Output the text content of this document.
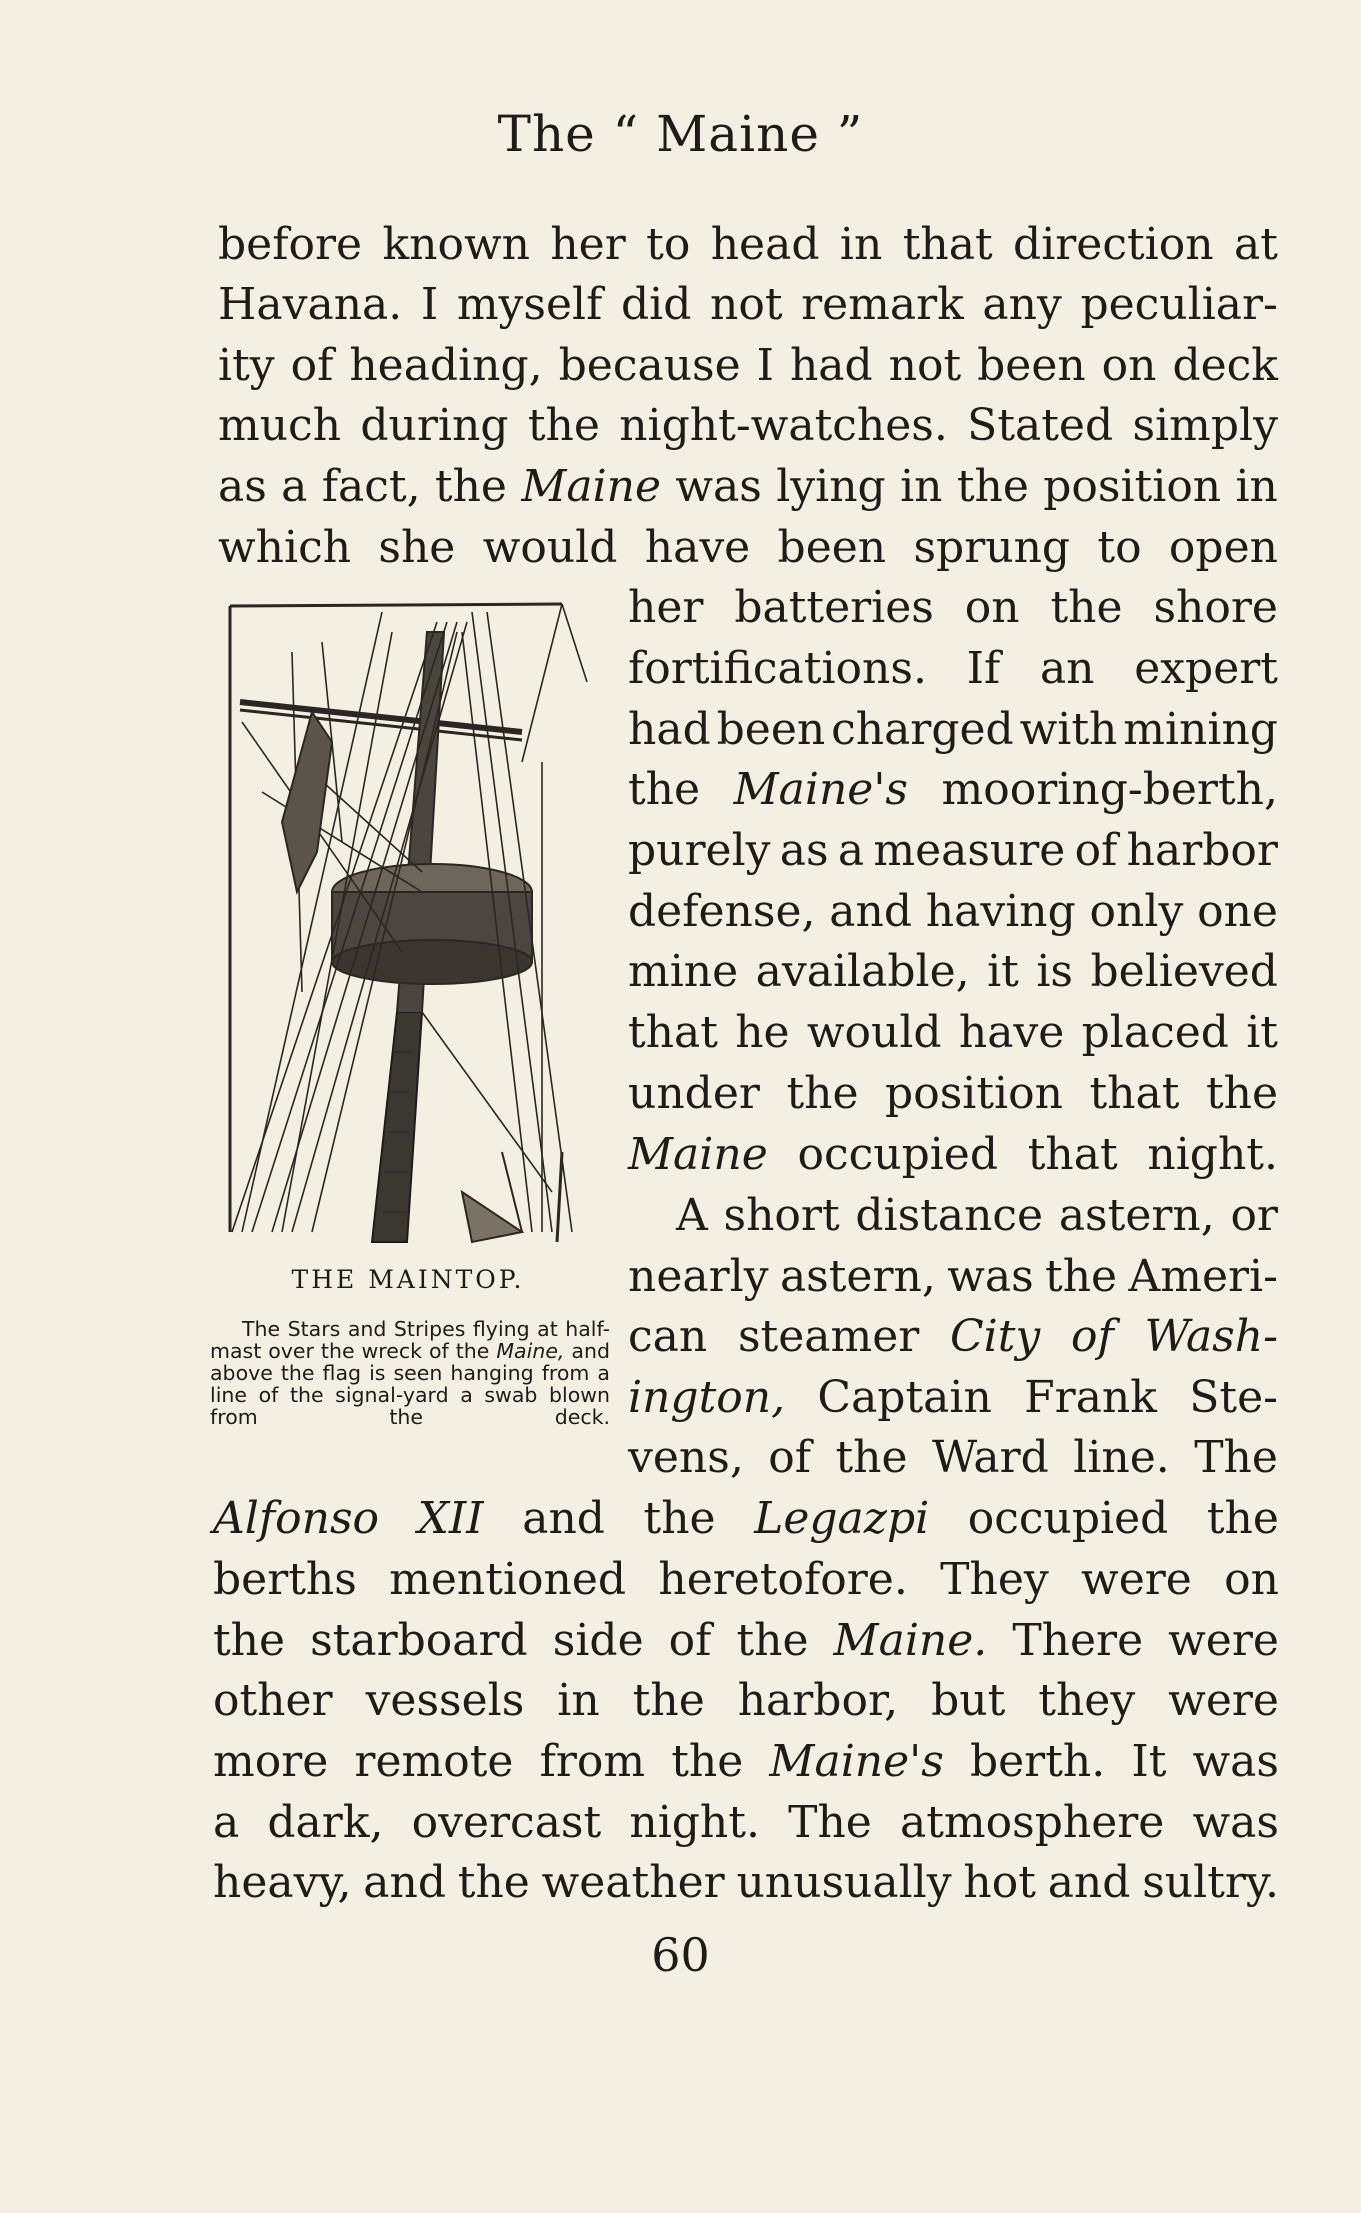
The “ Maine ”
before known her to head in that direction at
Havana. I myself did not remark any peculiar-
ity of heading, because I had not been on deck
much during the night-watches. Stated simply
as a fact, the Maine was lying in the position in
which she would have been sprung to open
her batteries on the shore
fortifications. If an expert
had been charged with mining
the Maine's mooring-berth,
purely as a measure of harbor
defense, and having only one
mine available, it is believed
that he would have placed it
under the position that the
Maine occupied that night.
A short distance astern, or
nearly astern, was the Ameri-
can steamer City of Wash-
ington, Captain Frank Ste-
vens, of the Ward line. The
Alfonso XII and the Legazpi occupied the
berths mentioned heretofore. They were on
the starboard side of the Maine. There were
other vessels in the harbor, but they were
more remote from the Maine's berth. It was
a dark, overcast night. The atmosphere was
heavy, and the weather unusually hot and sultry.
THE MAINTOP.

The Stars and Stripes flying at half-mast over the wreck of the Maine, and above the flag is seen hanging from a line of the signal-yard a swab blown from the deck.

60
